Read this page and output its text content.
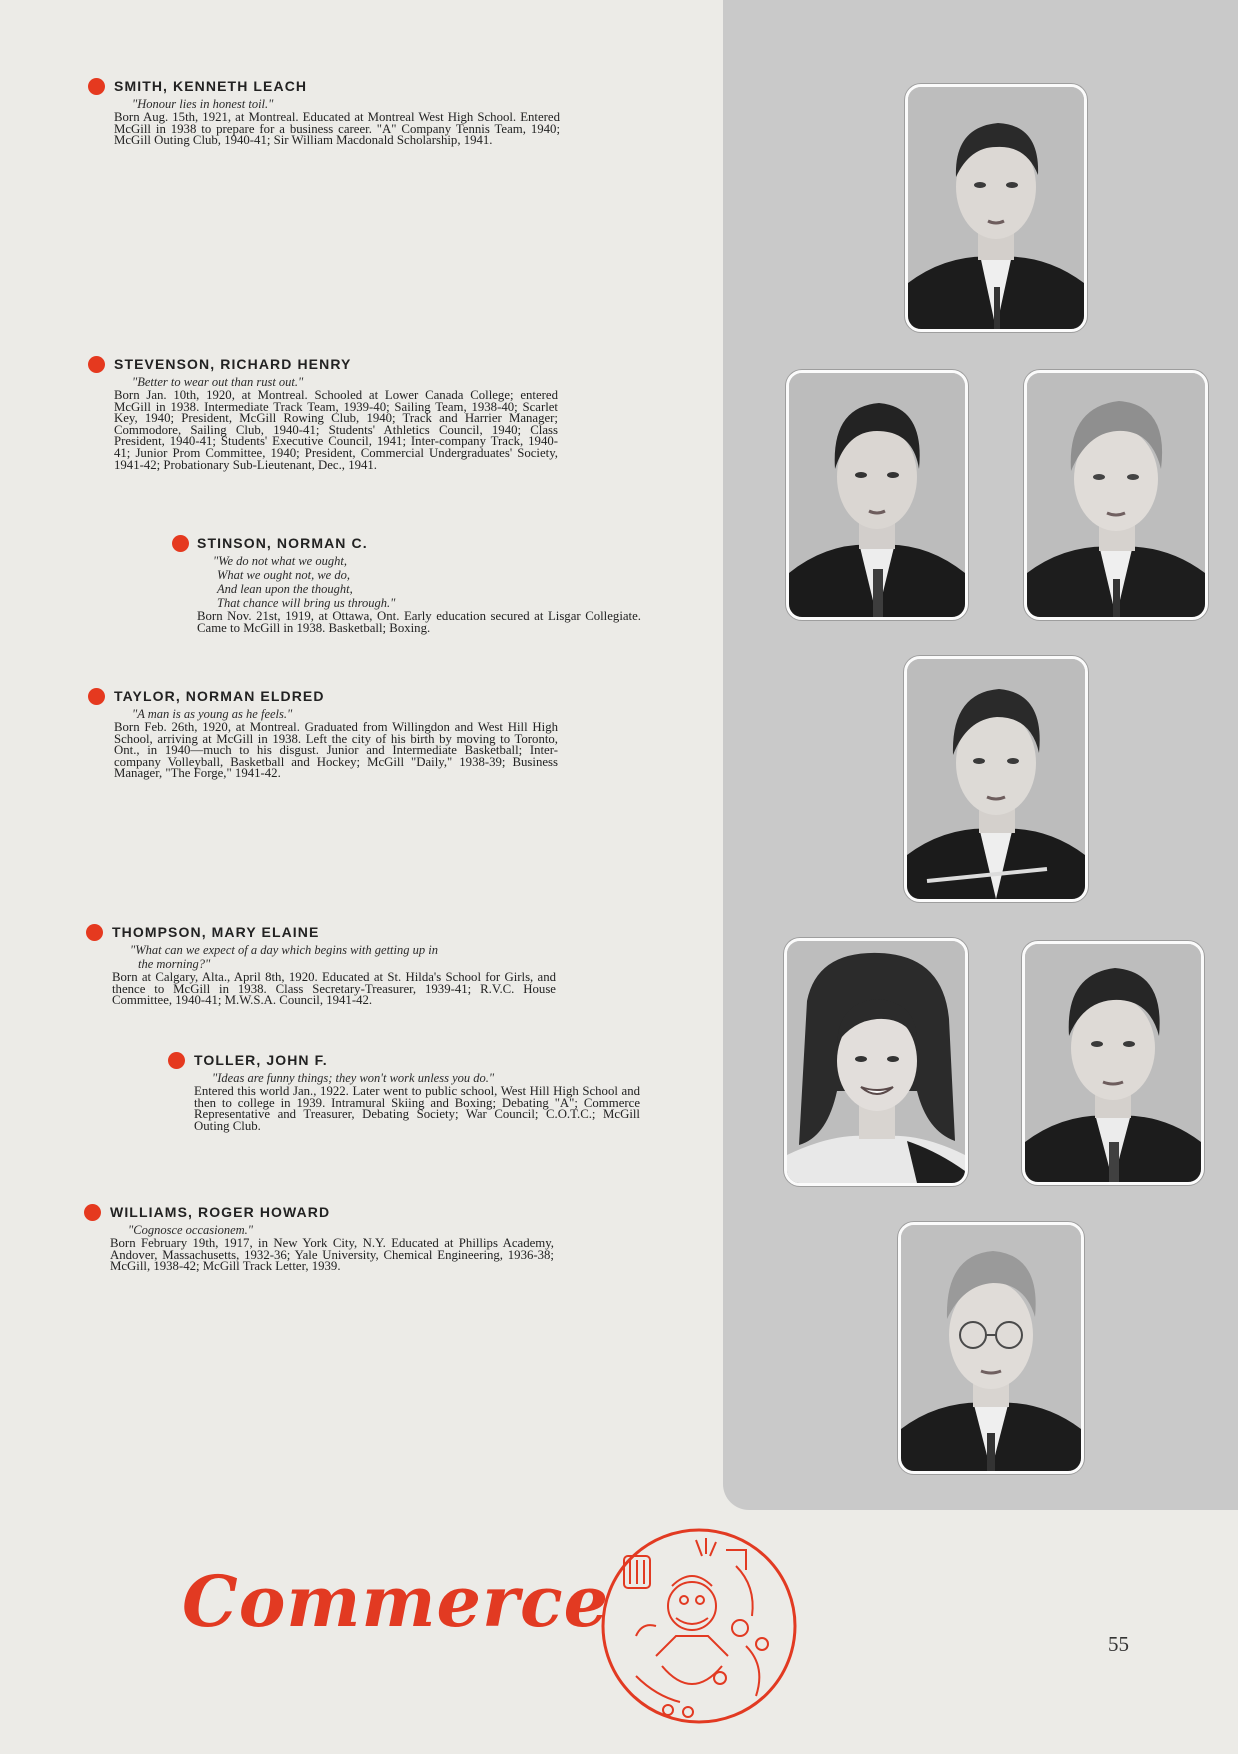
SMITH, KENNETH LEACH
"Honour lies in honest toil."
Born Aug. 15th, 1921, at Montreal. Educated at Montreal West High School. Entered McGill in 1938 to prepare for a business career. "A" Company Tennis Team, 1940; McGill Outing Club, 1940-41; Sir William Macdonald Scholarship, 1941.
STEVENSON, RICHARD HENRY
"Better to wear out than rust out."
Born Jan. 10th, 1920, at Montreal. Schooled at Lower Canada College; entered McGill in 1938. Intermediate Track Team, 1939-40; Sailing Team, 1938-40; Scarlet Key, 1940; President, McGill Rowing Club, 1940; Track and Harrier Manager; Commodore, Sailing Club, 1940-41; Students' Athletics Council, 1940; Class President, 1940-41; Students' Executive Council, 1941; Inter-company Track, 1940-41; Junior Prom Committee, 1940; President, Commercial Undergraduates' Society, 1941-42; Probationary Sub-Lieutenant, Dec., 1941.
STINSON, NORMAN C.
"We do not what we ought,
What we ought not, we do,
And lean upon the thought,
That chance will bring us through."
Born Nov. 21st, 1919, at Ottawa, Ont. Early education secured at Lisgar Collegiate. Came to McGill in 1938. Basketball; Boxing.
TAYLOR, NORMAN ELDRED
"A man is as young as he feels."
Born Feb. 26th, 1920, at Montreal. Graduated from Willingdon and West Hill High School, arriving at McGill in 1938. Left the city of his birth by moving to Toronto, Ont., in 1940—much to his disgust. Junior and Intermediate Basketball; Inter-company Volleyball, Basketball and Hockey; McGill "Daily," 1938-39; Business Manager, "The Forge," 1941-42.
THOMPSON, MARY ELAINE
"What can we expect of a day which begins with getting up in
the morning?"
Born at Calgary, Alta., April 8th, 1920. Educated at St. Hilda's School for Girls, and thence to McGill in 1938. Class Secretary-Treasurer, 1939-41; R.V.C. House Committee, 1940-41; M.W.S.A. Council, 1941-42.
TOLLER, JOHN F.
"Ideas are funny things; they won't work unless you do."
Entered this world Jan., 1922. Later went to public school, West Hill High School and then to college in 1939. Intramural Skiing and Boxing; Debating "A"; Commerce Representative and Treasurer, Debating Society; War Council; C.O.T.C.; McGill Outing Club.
WILLIAMS, ROGER HOWARD
"Cognosce occasionem."
Born February 19th, 1917, in New York City, N.Y. Educated at Phillips Academy, Andover, Massachusetts, 1932-36; Yale University, Chemical Engineering, 1936-38; McGill, 1938-42; McGill Track Letter, 1939.
Commerce
55
